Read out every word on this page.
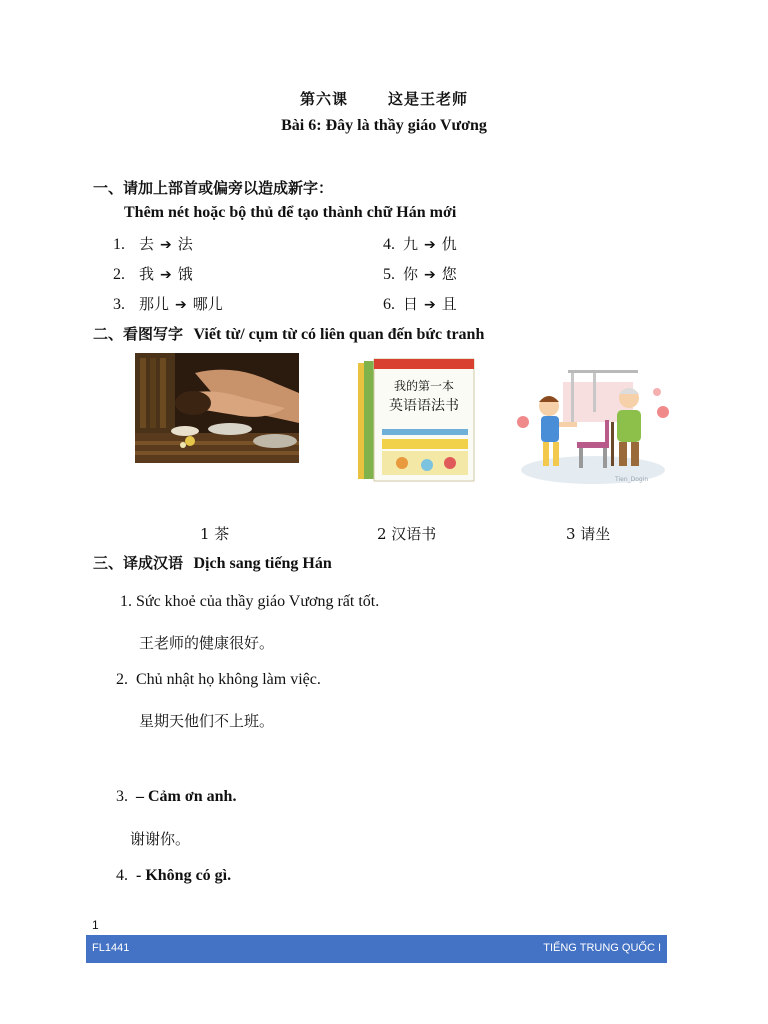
第六课	这是王老师
Bài 6: Đây là thầy giáo Vương
一、请加上部首或偏旁以造成新字：
Thêm nét hoặc bộ thủ để tạo thành chữ Hán mới
1. 去 ➔ 法
2. 我 ➔ 饿
3. 那儿 ➔ 哪儿
4. 九 ➔ 仇
5. 你 ➔ 您
6. 日 ➔ 且
二、看图写字 Viết từ/ cụm từ có liên quan đến bức tranh
我的第一本
英语语法书
Tien_Dogin
1 茶	2 汉语书	3 请坐
三、译成汉语 Dịch sang tiếng Hán
1. Sức khoẻ của thầy giáo Vương rất tốt.
王老师的健康很好。
2. Chủ nhật họ không làm việc.
星期天他们不上班。
3. – Cảm ơn anh.
谢谢你。
4. - Không có gì.
1
FL1441	TIẾNG TRUNG QUỐC I
